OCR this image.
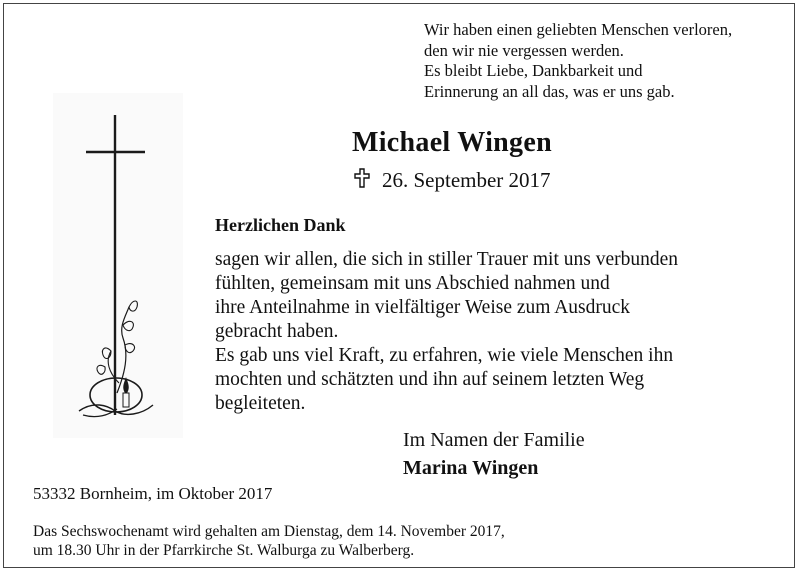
Wir haben einen geliebten Menschen verloren,
den wir nie vergessen werden.
Es bleibt Liebe, Dankbarkeit und
Erinnerung an all das, was er uns gab.
Michael Wingen
26. September 2017
Herzlichen Dank
sagen wir allen, die sich in stiller Trauer mit uns verbunden
fühlten, gemeinsam mit uns Abschied nahmen und
ihre Anteilnahme in vielfältiger Weise zum Ausdruck
gebracht haben.
Es gab uns viel Kraft, zu erfahren, wie viele Menschen ihn
mochten und schätzten und ihn auf seinem letzten Weg
begleiteten.
Im Namen der Familie
Marina Wingen
53332 Bornheim, im Oktober 2017
Das Sechswochenamt wird gehalten am Dienstag, dem 14. November 2017,
um 18.30 Uhr in der Pfarrkirche St. Walburga zu Walberberg.
